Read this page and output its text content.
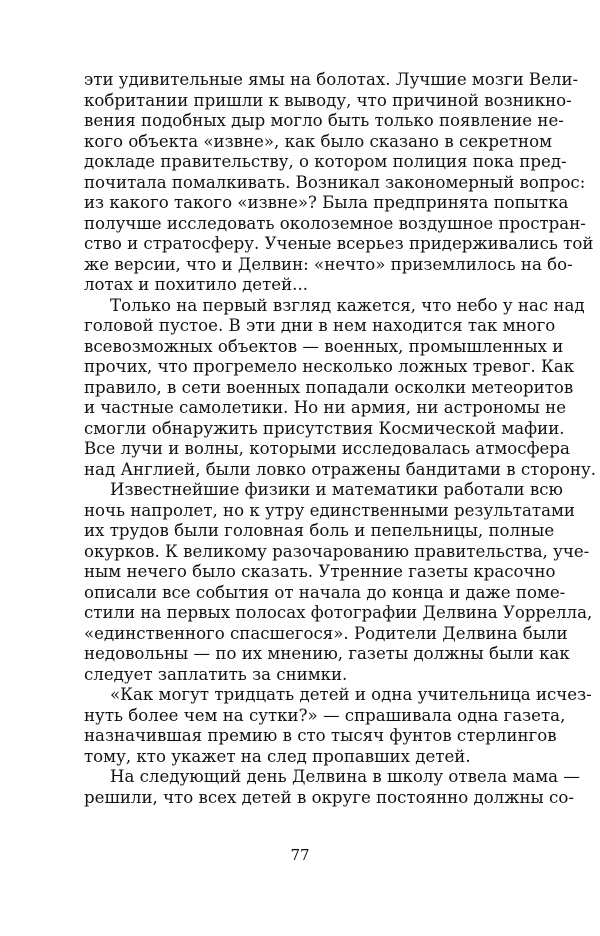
эти удивительные ямы на болотах. Лучшие мозги Вели-
кобритании пришли к выводу, что причиной возникно-
вения подобных дыр могло быть только появление не-
кого объекта «извне», как было сказано в секретном
докладе правительству, о котором полиция пока пред-
почитала помалкивать. Возникал закономерный вопрос:
из какого такого «извне»? Была предпринята попытка
получше исследовать околоземное воздушное простран-
ство и стратосферу. Ученые всерьез придерживались той
же версии, что и Делвин: «нечто» приземлилось на бо-
лотах и похитило детей...
Только на первый взгляд кажется, что небо у нас над
головой пустое. В эти дни в нем находится так много
всевозможных объектов — военных, промышленных и
прочих, что прогремело несколько ложных тревог. Как
правило, в сети военных попадали осколки метеоритов
и частные самолетики. Но ни армия, ни астрономы не
смогли обнаружить присутствия Космической мафии.
Все лучи и волны, которыми исследовалась атмосфера
над Англией, были ловко отражены бандитами в сторону.
Известнейшие физики и математики работали всю
ночь напролет, но к утру единственными результатами
их трудов были головная боль и пепельницы, полные
окурков. К великому разочарованию правительства, уче-
ным нечего было сказать. Утренние газеты красочно
описали все события от начала до конца и даже поме-
стили на первых полосах фотографии Делвина Уоррелла,
«единственного спасшегося». Родители Делвина были
недовольны — по их мнению, газеты должны были как
следует заплатить за снимки.
«Как могут тридцать детей и одна учительница исчез-
нуть более чем на сутки?» — спрашивала одна газета,
назначившая премию в сто тысяч фунтов стерлингов
тому, кто укажет на след пропавших детей.
На следующий день Делвина в школу отвела мама —
решили, что всех детей в округе постоянно должны со-
77
